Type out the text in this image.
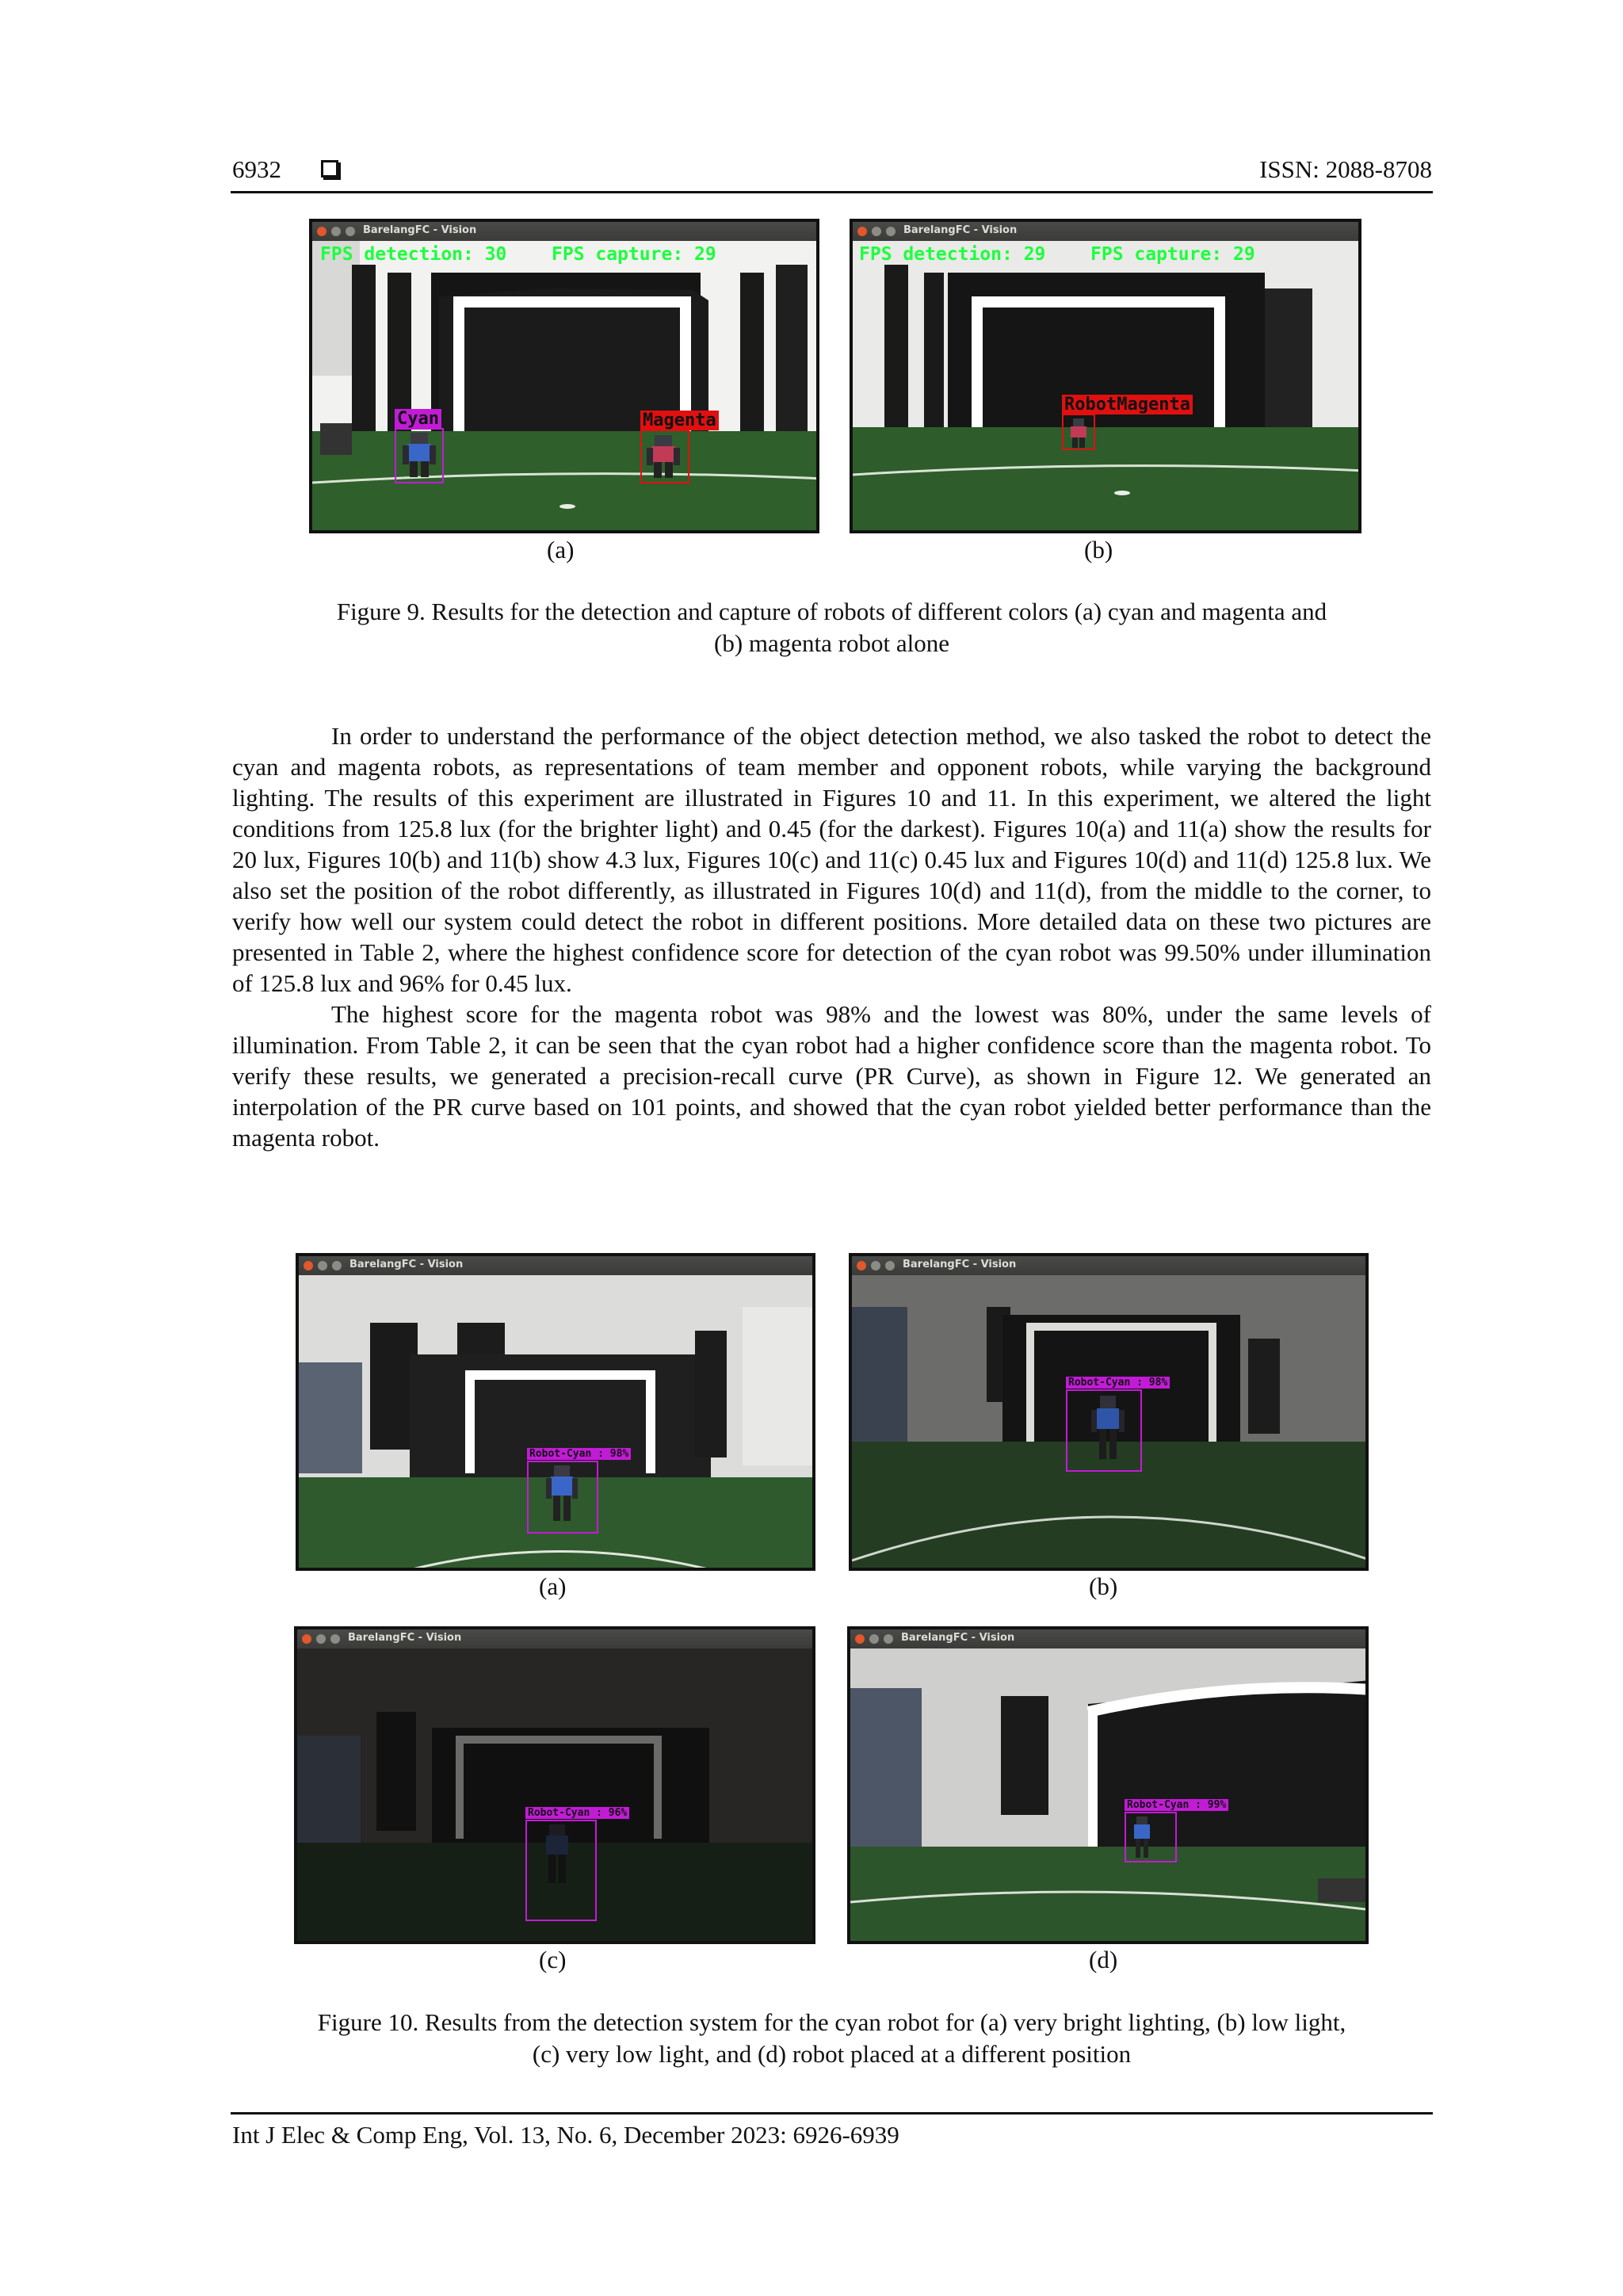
6932	ISSN: 2088-8708
BarelangFC - Vision
Cyan	Magenta
FPS detection: 30 FPS capture: 29
(a)
BarelangFC - Vision
RobotMagenta
FPS detection: 29 FPS capture: 29
(b)
Figure 9. Results for the detection and capture of robots of different colors (a) cyan and magenta and
(b) magenta robot alone

In order to understand the performance of the object detection method, we also tasked the robot to detect the cyan and magenta robots, as representations of team member and opponent robots, while varying the background lighting. The results of this experiment are illustrated in Figures 10 and 11. In this experiment, we altered the light conditions from 125.8 lux (for the brighter light) and 0.45 (for the darkest). Figures 10(a) and 11(a) show the results for 20 lux, Figures 10(b) and 11(b) show 4.3 lux, Figures 10(c) and 11(c) 0.45 lux and Figures 10(d) and 11(d) 125.8 lux. We also set the position of the robot differently, as illustrated in Figures 10(d) and 11(d), from the middle to the corner, to verify how well our system could detect the robot in different positions. More detailed data on these two pictures are presented in Table 2, where the highest confidence score for detection of the cyan robot was 99.50% under illumination of 125.8 lux and 96% for 0.45 lux.

The highest score for the magenta robot was 98% and the lowest was 80%, under the same levels of illumination. From Table 2, it can be seen that the cyan robot had a higher confidence score than the magenta robot. To verify these results, we generated a precision-recall curve (PR Curve), as shown in Figure 12. We generated an interpolation of the PR curve based on 101 points, and showed that the cyan robot yielded better performance than the magenta robot.

BarelangFC - Vision
Robot-Cyan : 98%
(a)
BarelangFC - Vision
Robot-Cyan : 98%
(b)
BarelangFC - Vision
Robot-Cyan : 96%
(c)
BarelangFC - Vision
Robot-Cyan : 99%
(d)
Figure 10. Results from the detection system for the cyan robot for (a) very bright lighting, (b) low light,
(c) very low light, and (d) robot placed at a different position
Int J Elec & Comp Eng, Vol. 13, No. 6, December 2023: 6926-6939
